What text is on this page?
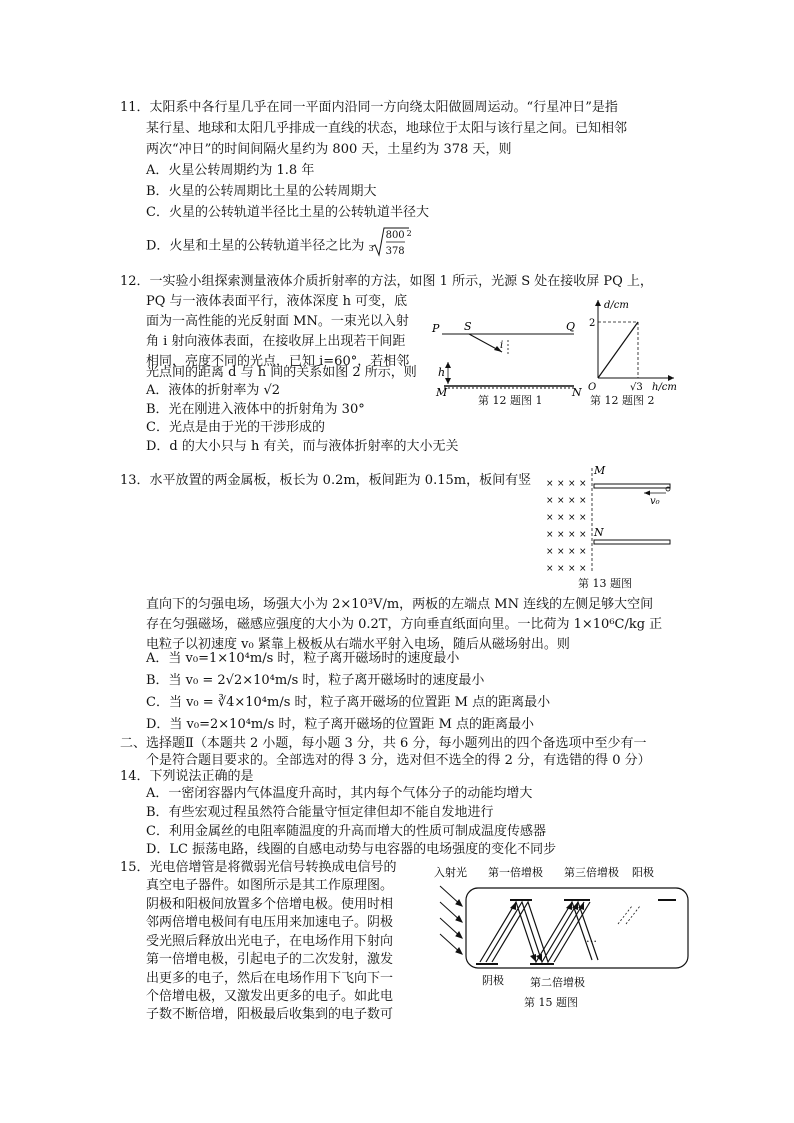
11．太阳系中各行星几乎在同一平面内沿同一方向绕太阳做圆周运动。“行星冲日”是指
某行星、地球和太阳几乎排成一直线的状态，地球位于太阳与该行星之间。已知相邻
两次“冲日”的时间间隔火星约为 800 天，土星约为 378 天，则
A．火星公转周期约为 1.8 年
B．火星的公转周期比土星的公转周期大
C．火星的公转轨道半径比土星的公转轨道半径大
D．火星和土星的公转轨道半径之比为 3
800
378
2
12．一实验小组探索测量液体介质折射率的方法，如图 1 所示，光源 S 处在接收屏 PQ 上，
PQ 与一液体表面平行，液体深度 h 可变，底
面为一高性能的光反射面 MN。一束光以入射
角 i 射向液体表面，在接收屏上出现若干间距
相同，亮度不同的光点，已知 i=60°，若相邻
光点间的距离 d 与 h 间的关系如图 2 所示，则
A．液体的折射率为 √2
B．光在刚进入液体中的折射角为 30°
C．光点是由于光的干涉形成的
D．d 的大小只与 h 有关，而与液体折射率的大小无关
P S	Q
i
h
M	N
第 12 题图 1
d/cm
h/cm
2
√3
O
第 12 题图 2
13．水平放置的两金属板，板长为 0.2m，板间距为 0.15m，板间有竖 × × × ×
× × × ×
× × × ×
× × × ×
× × × ×
× × × ×
M
N
v₀
第 13 题图
直向下的匀强电场，场强大小为 2×10³V/m，两板的左端点 MN 连线的左侧足够大空间
存在匀强磁场，磁感应强度的大小为 0.2T，方向垂直纸面向里。一比荷为 1×10⁶C/kg 正
电粒子以初速度 v₀ 紧靠上极板从右端水平射入电场，随后从磁场射出。则
A．当 v₀=1×10⁴m/s 时，粒子离开磁场时的速度最小
B．当 v₀ = 2√2×10⁴m/s 时，粒子离开磁场时的速度最小
C．当 v₀ = ∛4×10⁴m/s 时，粒子离开磁场的位置距 M 点的距离最小
D．当 v₀=2×10⁴m/s 时，粒子离开磁场的位置距 M 点的距离最小
二、选择题Ⅱ（本题共 2 小题，每小题 3 分，共 6 分，每小题列出的四个备选项中至少有一
个是符合题目要求的。全部选对的得 3 分，选对但不选全的得 2 分，有选错的得 0 分）
14．下列说法正确的是
A．一密闭容器内气体温度升高时，其内每个气体分子的动能均增大
B．有些宏观过程虽然符合能量守恒定律但却不能自发地进行
C．利用金属丝的电阻率随温度的升高而增大的性质可制成温度传感器
D．LC 振荡电路，线圈的自感电动势与电容器的电场强度的变化不同步
15．光电倍增管是将微弱光信号转换成电信号的
真空电子器件。如图所示是其工作原理图。
阴极和阳极间放置多个倍增电极。使用时相
邻两倍增电极间有电压用来加速电子。阴极
受光照后释放出光电子，在电场作用下射向
第一倍增电极，引起电子的二次发射，激发
出更多的电子，然后在电场作用下飞向下一
个倍增电极，又激发出更多的电子。如此电
子数不断倍增，阳极最后收集到的电子数可
入射光 第一倍增极 第三倍增极 阳极
…
阴极 第二倍增极
第 15 题图
